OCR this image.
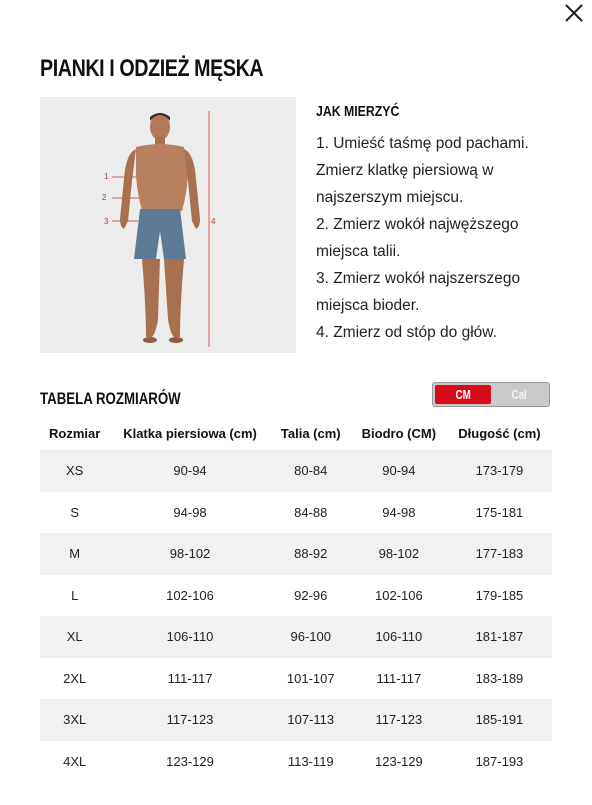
PIANKI I ODZIEŻ MĘSKA
1
2
3	4
JAK MIERZYĆ

1. Umieść taśmę pod pachami. Zmierz klatkę piersiową w najszerszym miejscu.

2. Zmierz wokół najwęższego miejsca talii.

3. Zmierz wokół najszerszego miejsca bioder.

4. Zmierz od stóp do głów.

TABELA ROZMIARÓW	CM	Cal
Rozmiar	Klatka piersiowa (cm)	Talia (cm)	Biodro (CM)	Długość (cm)
XS	90-94	80-84	90-94	173-179
S	94-98	84-88	94-98	175-181
M	98-102	88-92	98-102	177-183
L	102-106	92-96	102-106	179-185
XL	106-110	96-100	106-110	181-187
2XL	111-117	101-107	111-117	183-189
3XL	117-123	107-113	117-123	185-191
4XL	123-129	113-119	123-129	187-193
